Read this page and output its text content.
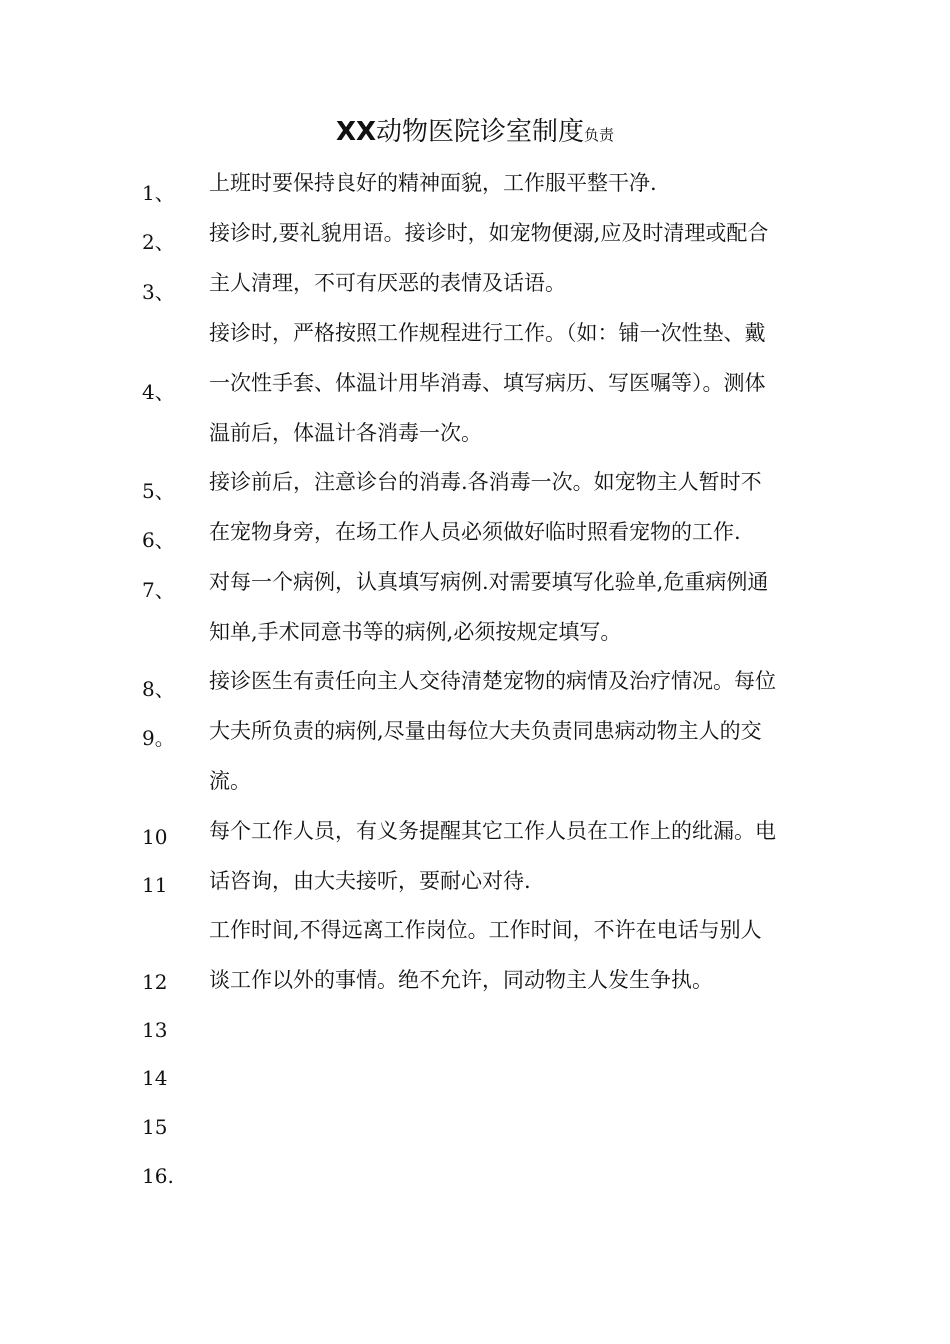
XX动物医院诊室制度负责
1、
2、
3、
4、
5、
6、
7、
8、
9。
10
11
12
13
14
15
16.
上班时要保持良好的精神面貌，工作服平整干净.
接诊时,要礼貌用语。接诊时，如宠物便溺,应及时清理或配合
主人清理，不可有厌恶的表情及话语。
接诊时，严格按照工作规程进行工作。（如：铺一次性垫、戴
一次性手套、体温计用毕消毒、填写病历、写医嘱等）。测体
温前后，体温计各消毒一次。
接诊前后，注意诊台的消毒.各消毒一次。如宠物主人暂时不
在宠物身旁，在场工作人员必须做好临时照看宠物的工作.
对每一个病例，认真填写病例.对需要填写化验单,危重病例通
知单,手术同意书等的病例,必须按规定填写。
接诊医生有责任向主人交待清楚宠物的病情及治疗情况。每位
大夫所负责的病例,尽量由每位大夫负责同患病动物主人的交
流。
每个工作人员，有义务提醒其它工作人员在工作上的纰漏。电
话咨询，由大夫接听，要耐心对待.
工作时间,不得远离工作岗位。工作时间，不许在电话与别人
谈工作以外的事情。绝不允许，同动物主人发生争执。
